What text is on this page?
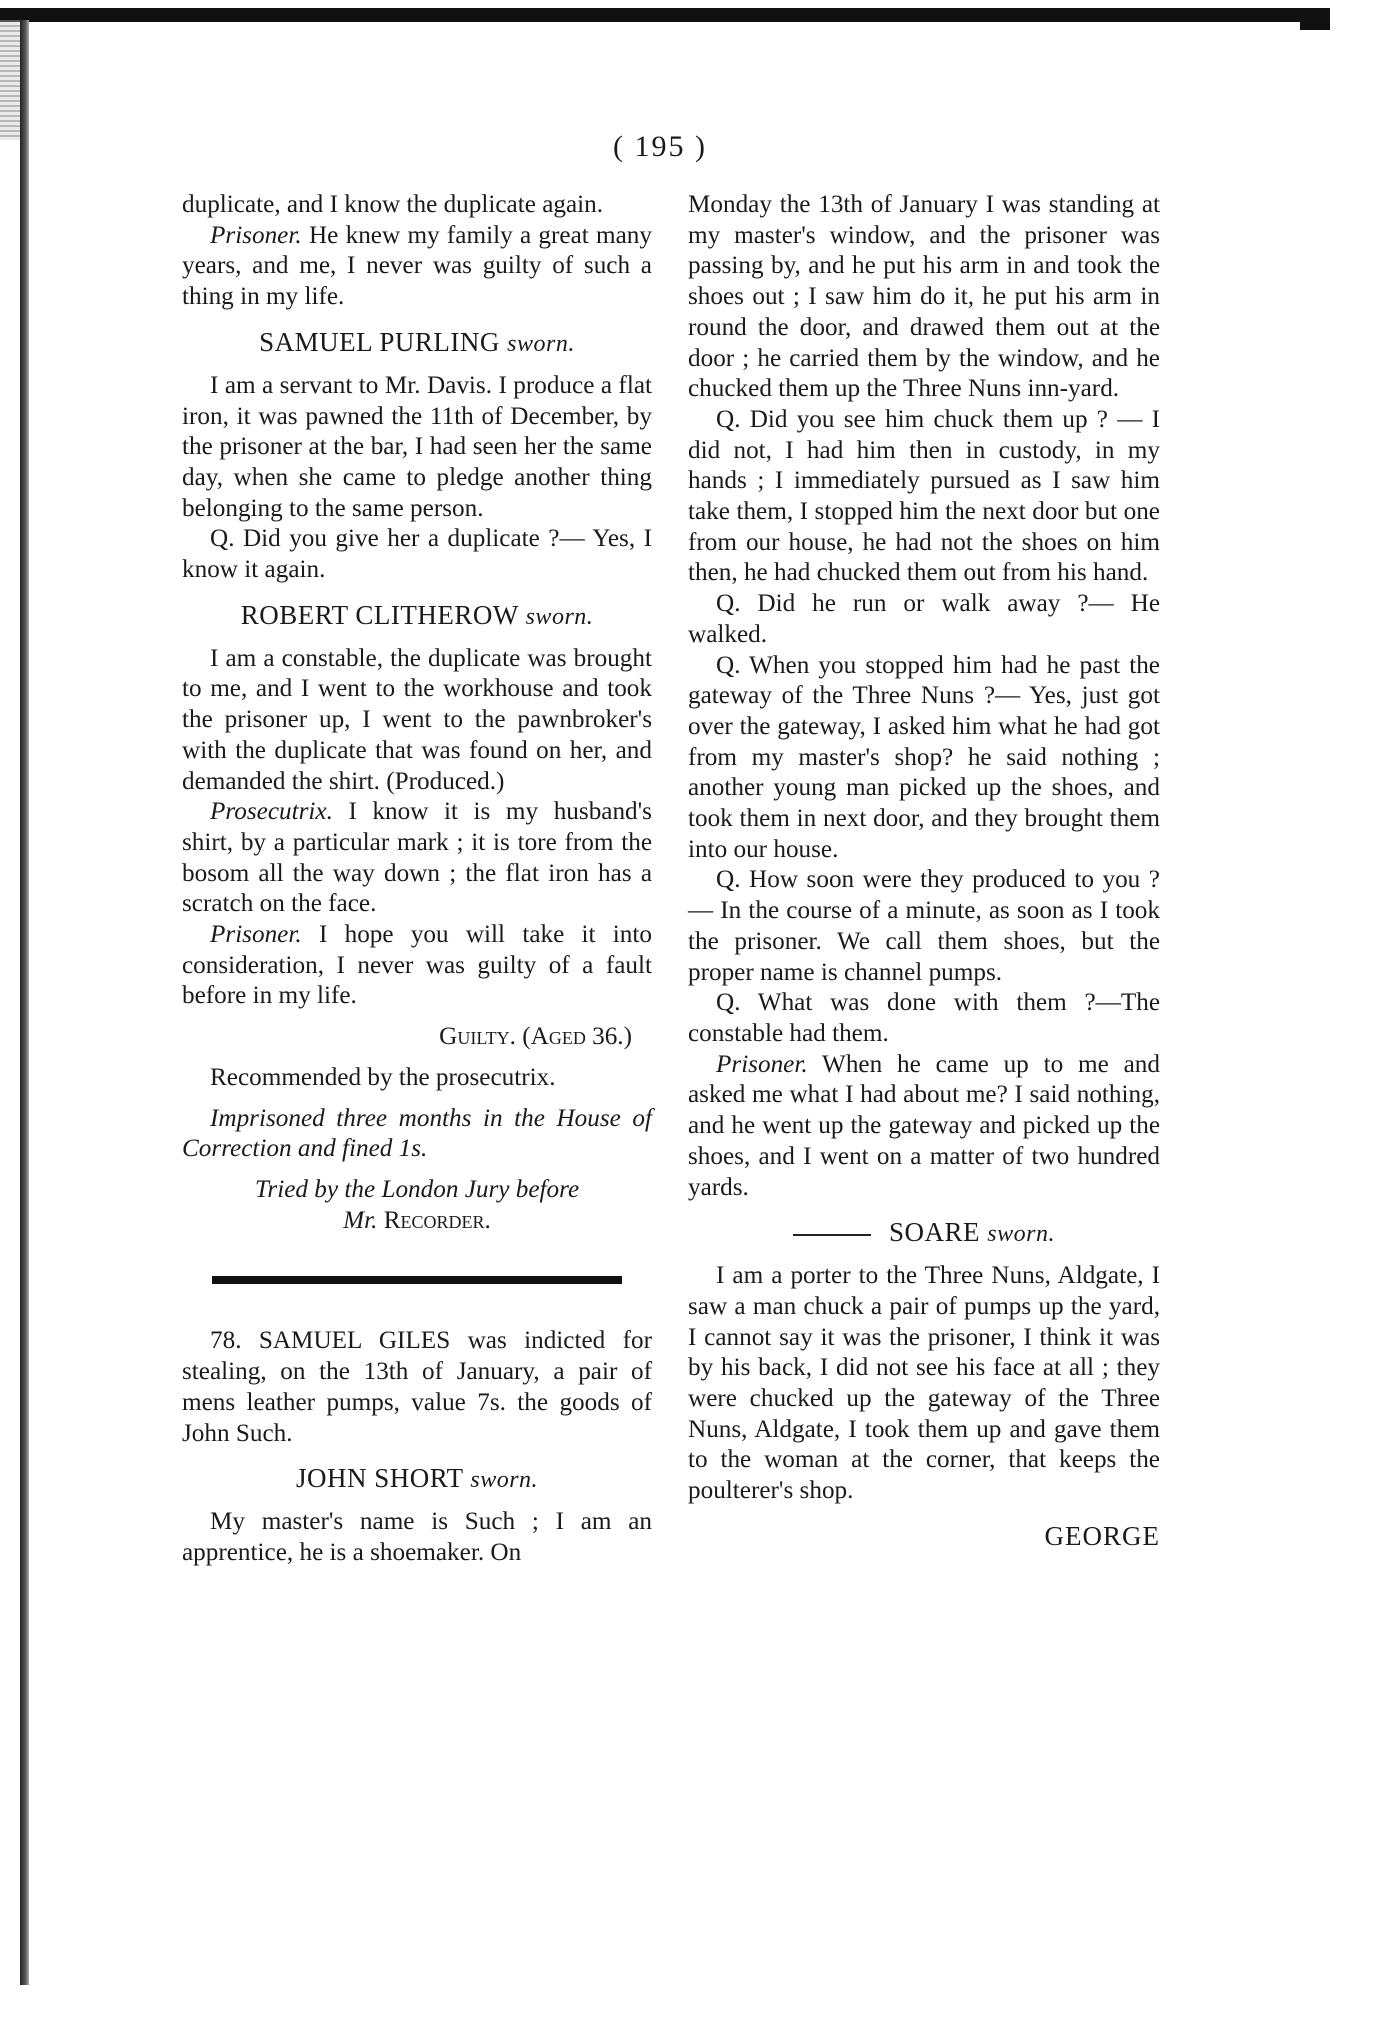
( 195 )

duplicate, and I know the duplicate again.

Prisoner. He knew my family a great many years, and me, I never was guilty of such a thing in my life.

SAMUEL PURLING sworn.

I am a servant to Mr. Davis. I produce a flat iron, it was pawned the 11th of December, by the prisoner at the bar, I had seen her the same day, when she came to pledge another thing belonging to the same person.

Q. Did you give her a duplicate ?— Yes, I know it again.

ROBERT CLITHEROW sworn.

I am a constable, the duplicate was brought to me, and I went to the workhouse and took the prisoner up, I went to the pawnbroker's with the duplicate that was found on her, and demanded the shirt. (Produced.)

Prosecutrix. I know it is my husband's shirt, by a particular mark ; it is tore from the bosom all the way down ; the flat iron has a scratch on the face.

Prisoner. I hope you will take it into consideration, I never was guilty of a fault before in my life.

Guilty. (Aged 36.)

Recommended by the prosecutrix.

Imprisoned three months in the House of Correction and fined 1s.

Tried by the London Jury before

Mr. Recorder.

78. SAMUEL GILES was indicted for stealing, on the 13th of January, a pair of mens leather pumps, value 7s. the goods of John Such.

JOHN SHORT sworn.

My master's name is Such ; I am an apprentice, he is a shoemaker. On

Monday the 13th of January I was standing at my master's window, and the prisoner was passing by, and he put his arm in and took the shoes out ; I saw him do it, he put his arm in round the door, and drawed them out at the door ; he carried them by the window, and he chucked them up the Three Nuns inn-yard.

Q. Did you see him chuck them up ? — I did not, I had him then in custody, in my hands ; I immediately pursued as I saw him take them, I stopped him the next door but one from our house, he had not the shoes on him then, he had chucked them out from his hand.

Q. Did he run or walk away ?— He walked.

Q. When you stopped him had he past the gateway of the Three Nuns ?— Yes, just got over the gateway, I asked him what he had got from my master's shop? he said nothing ; another young man picked up the shoes, and took them in next door, and they brought them into our house.

Q. How soon were they produced to you ?— In the course of a minute, as soon as I took the prisoner. We call them shoes, but the proper name is channel pumps.

Q. What was done with them ?—The constable had them.

Prisoner. When he came up to me and asked me what I had about me? I said nothing, and he went up the gateway and picked up the shoes, and I went on a matter of two hundred yards.

SOARE sworn.

I am a porter to the Three Nuns, Aldgate, I saw a man chuck a pair of pumps up the yard, I cannot say it was the prisoner, I think it was by his back, I did not see his face at all ; they were chucked up the gateway of the Three Nuns, Aldgate, I took them up and gave them to the woman at the corner, that keeps the poulterer's shop.

GEORGE
